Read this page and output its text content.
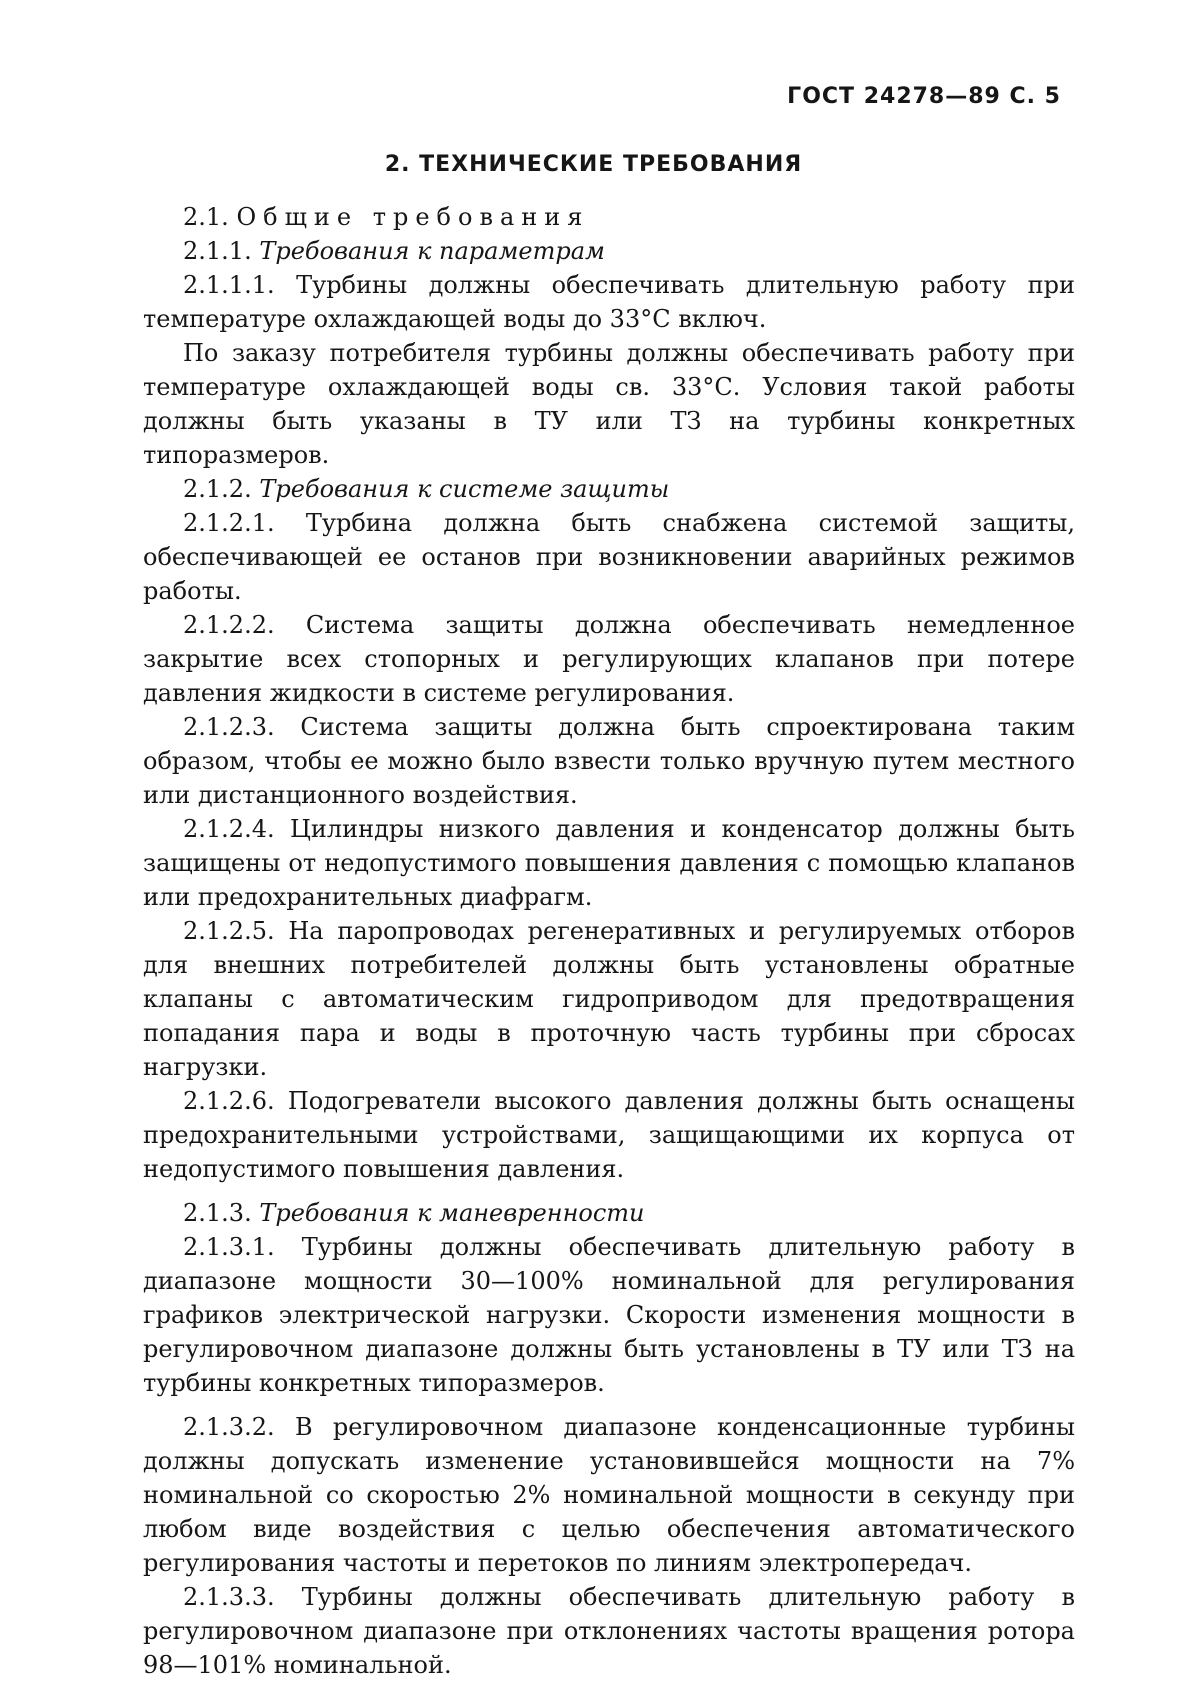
ГОСТ 24278—89 С. 5
2. ТЕХНИЧЕСКИЕ ТРЕБОВАНИЯ

2.1. Общие требования

2.1.1. Требования к параметрам

2.1.1.1. Турбины должны обеспечивать длительную работу при температуре охлаждающей воды до 33°С включ.

По заказу потребителя турбины должны обеспечивать работу при температуре охлаждающей воды св. 33°С. Условия такой работы должны быть указаны в ТУ или ТЗ на турбины конкретных типоразмеров.

2.1.2. Требования к системе защиты

2.1.2.1. Турбина должна быть снабжена системой защиты, обеспечивающей ее останов при возникновении аварийных режимов работы.

2.1.2.2. Система защиты должна обеспечивать немедленное закрытие всех стопорных и регулирующих клапанов при потере давления жидкости в системе регулирования.

2.1.2.3. Система защиты должна быть спроектирована таким образом, чтобы ее можно было взвести только вручную путем местного или дистанционного воздействия.

2.1.2.4. Цилиндры низкого давления и конденсатор должны быть защищены от недопустимого повышения давления с помощью клапанов или предохранительных диафрагм.

2.1.2.5. На паропроводах регенеративных и регулируемых отборов для внешних потребителей должны быть установлены обратные клапаны с автоматическим гидроприводом для предотвращения попадания пара и воды в проточную часть турбины при сбросах нагрузки.

2.1.2.6. Подогреватели высокого давления должны быть оснащены предохранительными устройствами, защищающими их корпуса от недопустимого повышения давления.

2.1.3. Требования к маневренности

2.1.3.1. Турбины должны обеспечивать длительную работу в диапазоне мощности 30—100% номинальной для регулирования графиков электрической нагрузки. Скорости изменения мощности в регулировочном диапазоне должны быть установлены в ТУ или ТЗ на турбины конкретных типоразмеров.

2.1.3.2. В регулировочном диапазоне конденсационные турбины должны допускать изменение установившейся мощности на 7% номинальной со скоростью 2% номинальной мощности в секунду при любом виде воздействия с целью обеспечения автоматического регулирования частоты и перетоков по линиям электропередач.

2.1.3.3. Турбины должны обеспечивать длительную работу в регулировочном диапазоне при отклонениях частоты вращения ротора 98—101% номинальной.
